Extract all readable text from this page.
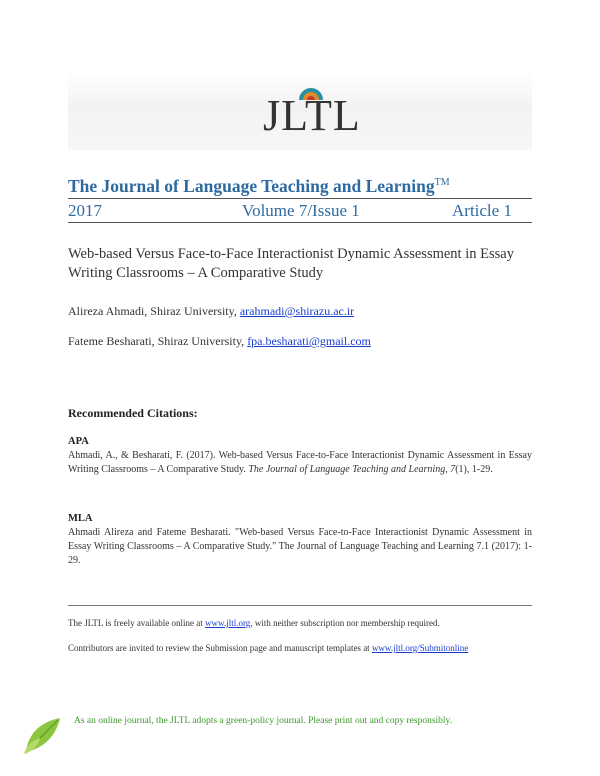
JLTL
The Journal of Language Teaching and Learning™
2017	Volume 7/Issue 1	Article 1
Web-based Versus Face-to-Face Interactionist Dynamic Assessment in Essay Writing Classrooms – A Comparative Study
Alireza Ahmadi, Shiraz University, arahmadi@shirazu.ac.ir
Fateme Besharati, Shiraz University, fpa.besharati@gmail.com
Recommended Citations:
APA
Ahmadi, A., & Besharati, F. (2017). Web-based Versus Face-to-Face Interactionist Dynamic Assessment in Essay Writing Classrooms – A Comparative Study. The Journal of Language Teaching and Learning, 7(1), 1-29.
MLA
Ahmadi Alireza and Fateme Besharati. "Web-based Versus Face-to-Face Interactionist Dynamic Assessment in Essay Writing Classrooms – A Comparative Study." The Journal of Language Teaching and Learning 7.1 (2017): 1-29.
The JLTL is freely available online at www.jltl.org, with neither subscription nor membership required.
Contributors are invited to review the Submission page and manuscript templates at www.jltl.org/Submitonline
As an online journal, the JLTL adopts a green-policy journal. Please print out and copy responsibly.
